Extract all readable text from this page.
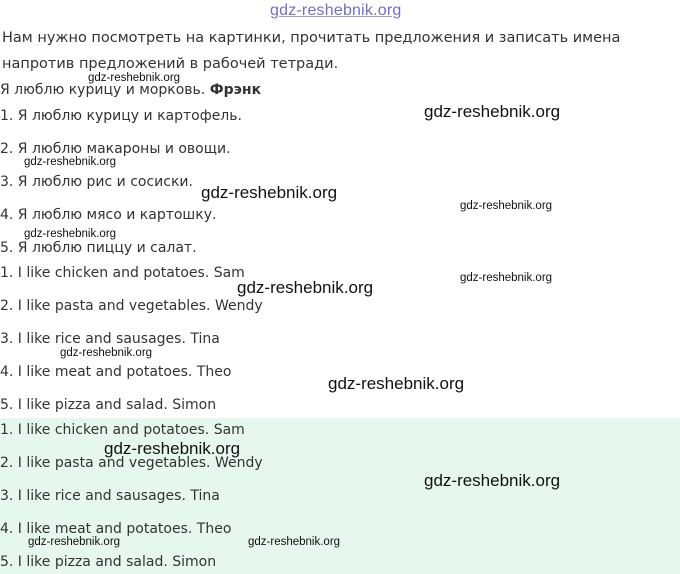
gdz-reshebnik.org
Нам нужно посмотреть на картинки, прочитать предложения и записать имена
напротив предложений в рабочей тетради.
Я люблю курицу и морковь. Фрэнк
1. Я люблю курицу и картофель.
2. Я люблю макароны и овощи.
3. Я люблю рис и сосиски.
4. Я люблю мясо и картошку.
5. Я люблю пиццу и салат.
1. I like chicken and potatoes. Sam
2. I like pasta and vegetables. Wendy
3. I like rice and sausages. Tina
4. I like meat and potatoes. Theo
5. I like pizza and salad. Simon
1. I like chicken and potatoes. Sam
2. I like pasta and vegetables. Wendy
3. I like rice and sausages. Tina
4. I like meat and potatoes. Theo
5. I like pizza and salad. Simon
gdz-reshebnik.org
gdz-reshebnik.org
gdz-reshebnik.org
gdz-reshebnik.org
gdz-reshebnik.org
gdz-reshebnik.org
gdz-reshebnik.org
gdz-reshebnik.org
gdz-reshebnik.org
gdz-reshebnik.org
gdz-reshebnik.org
gdz-reshebnik.org
gdz-reshebnik.org	gdz-reshebnik.org
